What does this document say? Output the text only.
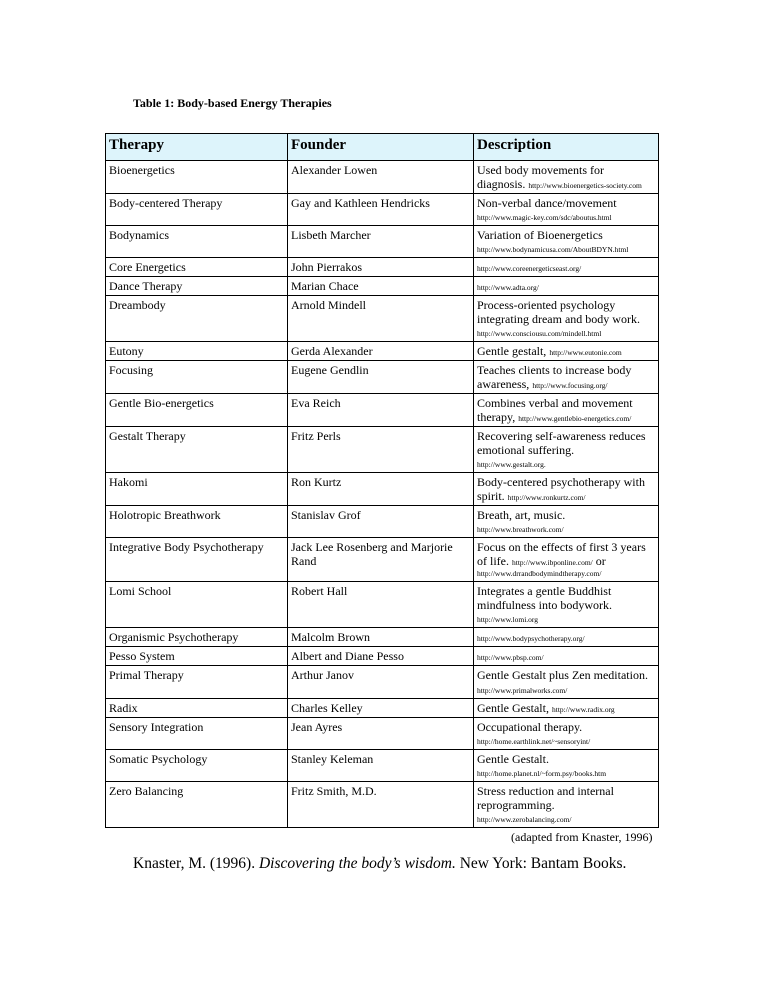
Table 1: Body-based Energy Therapies
Therapy	Founder	Description
Bioenergetics	Alexander Lowen	Used body movements for diagnosis. http://www.bioenergetics-society.com
Body-centered Therapy	Gay and Kathleen Hendricks	Non-verbal dance/movement
http://www.magic-key.com/sdc/aboutus.html

Bodynamics	Lisbeth Marcher	Variation of Bioenergetics
http://www.bodynamicusa.com/AboutBDYN.html

Core Energetics	John Pierrakos	http://www.coreenergeticseast.org/
Dance Therapy	Marian Chace	http://www.adta.org/
Dreambody	Arnold Mindell	Process-oriented psychology integrating dream and body work.
http://www.consciousu.com/mindell.html

Eutony	Gerda Alexander	Gentle gestalt, http://www.eutonie.com
Focusing	Eugene Gendlin	Teaches clients to increase body awareness, http://www.focusing.org/
Gentle Bio-energetics	Eva Reich	Combines verbal and movement therapy, http://www.gentlebio-energetics.com/
Gestalt Therapy	Fritz Perls	Recovering self-awareness reduces emotional suffering.
http://www.gestalt.org.

Hakomi	Ron Kurtz	Body-centered psychotherapy with spirit. http://www.ronkurtz.com/
Holotropic Breathwork	Stanislav Grof	Breath, art, music.
http://www.breathwork.com/

Integrative Body Psychotherapy	Jack Lee Rosenberg and Marjorie Rand	Focus on the effects of first 3 years of life. http://www.ibponline.com/ or
http://www.drrandbodymindtherapy.com/

Lomi School	Robert Hall	Integrates a gentle Buddhist mindfulness into bodywork.
http://www.lomi.org

Organismic Psychotherapy	Malcolm Brown	http://www.bodypsychotherapy.org/
Pesso System	Albert and Diane Pesso	http://www.pbsp.com/
Primal Therapy	Arthur Janov	Gentle Gestalt plus Zen meditation. http://www.primalworks.com/
Radix	Charles Kelley	Gentle Gestalt, http://www.radix.org
Sensory Integration	Jean Ayres	Occupational therapy.
http://home.earthlink.net/~sensoryint/

Somatic Psychology	Stanley Keleman	Gentle Gestalt.
http://home.planet.nl/~form.psy/books.htm

Zero Balancing	Fritz Smith, M.D.	Stress reduction and internal reprogramming.
http://www.zerobalancing.com/
(adapted from Knaster, 1996)
Knaster, M. (1996). Discovering the body’s wisdom. New York: Bantam Books.
